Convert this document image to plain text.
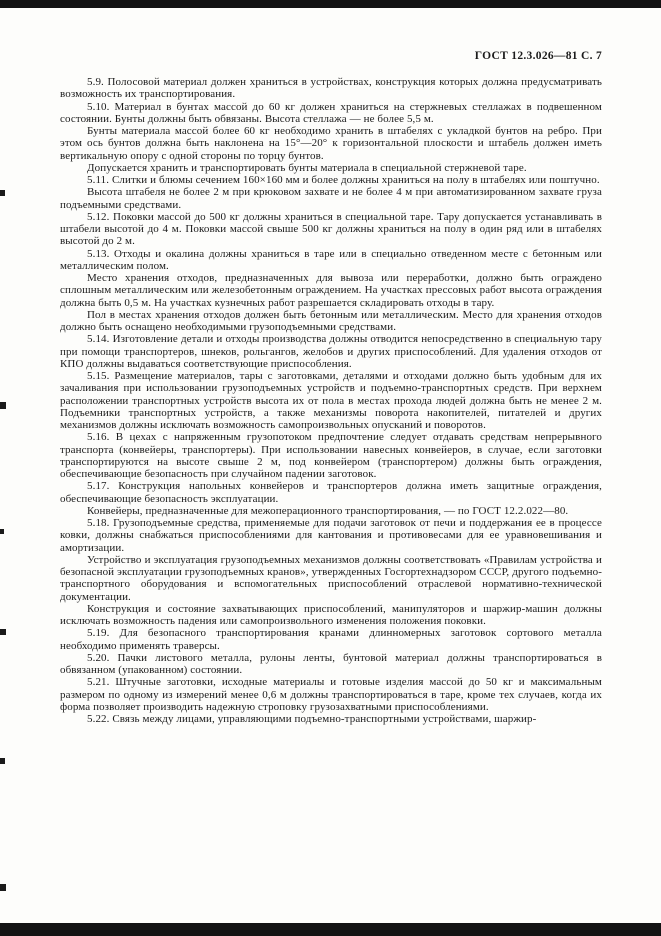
ГОСТ 12.3.026—81 С. 7

5.9. Полосовой материал должен храниться в устройствах, конструкция которых должна предусматривать возможность их транспортирования.

5.10. Материал в бунтах массой до 60 кг должен храниться на стержневых стеллажах в подвешенном состоянии. Бунты должны быть обвязаны. Высота стеллажа — не более 5,5 м.

Бунты материала массой более 60 кг необходимо хранить в штабелях с укладкой бунтов на ребро. При этом ось бунтов должна быть наклонена на 15°—20° к горизонтальной плоскости и штабель должен иметь вертикальную опору с одной стороны по торцу бунтов.

Допускается хранить и транспортировать бунты материала в специальной стержневой таре.

5.11. Слитки и блюмы сечением 160×160 мм и более должны храниться на полу в штабелях или поштучно.

Высота штабеля не более 2 м при крюковом захвате и не более 4 м при автоматизированном захвате груза подъемными средствами.

5.12. Поковки массой до 500 кг должны храниться в специальной таре. Тару допускается устанавливать в штабели высотой до 4 м. Поковки массой свыше 500 кг должны храниться на полу в один ряд или в штабелях высотой до 2 м.

5.13. Отходы и окалина должны храниться в таре или в специально отведенном месте с бетонным или металлическим полом.

Место хранения отходов, предназначенных для вывоза или переработки, должно быть ограждено сплошным металлическим или железобетонным ограждением. На участках прессовых работ высота ограждения должна быть 0,5 м. На участках кузнечных работ разрешается складировать отходы в тару.

Пол в местах хранения отходов должен быть бетонным или металлическим. Место для хранения отходов должно быть оснащено необходимыми грузоподъемными средствами.

5.14. Изготовление детали и отходы производства должны отводится непосредственно в специальную тару при помощи транспортеров, шнеков, рольгангов, желобов и других приспособлений. Для удаления отходов от КПО должны выдаваться соответствующие приспособления.

5.15. Размещение материалов, тары с заготовками, деталями и отходами должно быть удобным для их зачаливания при использовании грузоподъемных устройств и подъемно-транспортных средств. При верхнем расположении транспортных устройств высота их от пола в местах прохода людей должна быть не менее 2 м. Подъемники транспортных устройств, а также механизмы поворота накопителей, питателей и других механизмов должны исключать возможность самопроизвольных опусканий и поворотов.

5.16. В цехах с напряженным грузопотоком предпочтение следует отдавать средствам непрерывного транспорта (конвейеры, транспортеры). При использовании навесных конвейеров, в случае, если заготовки транспортируются на высоте свыше 2 м, под конвейером (транспортером) должны быть ограждения, обеспечивающие безопасность при случайном падении заготовок.

5.17. Конструкция напольных конвейеров и транспортеров должна иметь защитные ограждения, обеспечивающие безопасность эксплуатации.

Конвейеры, предназначенные для межоперационного транспортирования, — по ГОСТ 12.2.022—80.

5.18. Грузоподъемные средства, применяемые для подачи заготовок от печи и поддержания ее в процессе ковки, должны снабжаться приспособлениями для кантования и противовесами для ее уравновешивания и амортизации.

Устройство и эксплуатация грузоподъемных механизмов должны соответствовать «Правилам устройства и безопасной эксплуатации грузоподъемных кранов», утвержденных Госгортехнадзором СССР, другого подъемно-транспортного оборудования и вспомогательных приспособлений отраслевой нормативно-технической документации.

Конструкция и состояние захватывающих приспособлений, манипуляторов и шаржир-машин должны исключать возможность падения или самопроизвольного изменения положения поковки.

5.19. Для безопасного транспортирования кранами длинномерных заготовок сортового металла необходимо применять траверсы.

5.20. Пачки листового металла, рулоны ленты, бунтовой материал должны транспортироваться в обвязанном (упакованном) состоянии.

5.21. Штучные заготовки, исходные материалы и готовые изделия массой до 50 кг и максимальным размером по одному из измерений менее 0,6 м должны транспортироваться в таре, кроме тех случаев, когда их форма позволяет производить надежную строповку грузозахватными приспособлениями.

5.22. Связь между лицами, управляющими подъемно-транспортными устройствами, шаржир-
